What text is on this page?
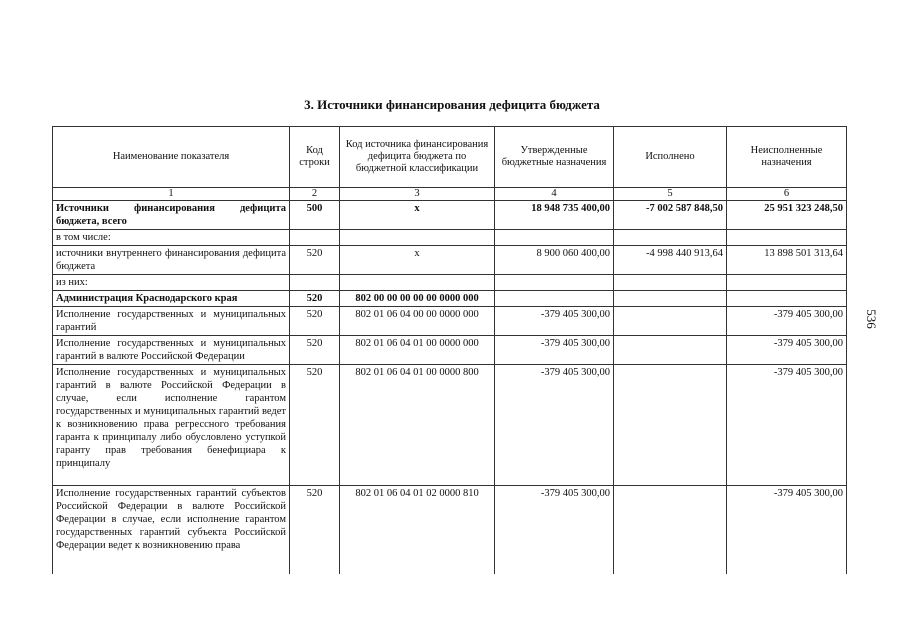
3. Источники финансирования дефицита бюджета
536
Наименование показателя	Код строки	Код источника финансирования дефицита бюджета по бюджетной классификации	Утвержденные бюджетные назначения	Исполнено	Неисполненные назначения
1	2	3	4	5	6
Источники финансирования дефицита бюджета, всего	500	х	18 948 735 400,00	-7 002 587 848,50	25 951 323 248,50
в том числе:					
источники внутреннего финансирования дефицита бюджета	520	х	8 900 060 400,00	-4 998 440 913,64	13 898 501 313,64
из них:					
Администрация Краснодарского края	520	802 00 00 00 00 00 0000 000			
Исполнение государственных и муниципальных гарантий	520	802 01 06 04 00 00 0000 000	-379 405 300,00		-379 405 300,00
Исполнение государственных и муниципальных гарантий в валюте Российской Федерации	520	802 01 06 04 01 00 0000 000	-379 405 300,00		-379 405 300,00
Исполнение государственных и муниципальных гарантий в валюте Российской Федерации в случае, если исполнение гарантом государственных и муниципальных гарантий ведет к возникновению права регрессного требования гаранта к принципалу либо обусловлено уступкой гаранту прав требования бенефициара к принципалу	520	802 01 06 04 01 00 0000 800	-379 405 300,00		-379 405 300,00
Исполнение государственных гарантий субъектов Российской Федерации в валюте Российской Федерации в случае, если исполнение гарантом государственных гарантий субъекта Российской Федерации ведет к возникновению права	520	802 01 06 04 01 02 0000 810	-379 405 300,00		-379 405 300,00
